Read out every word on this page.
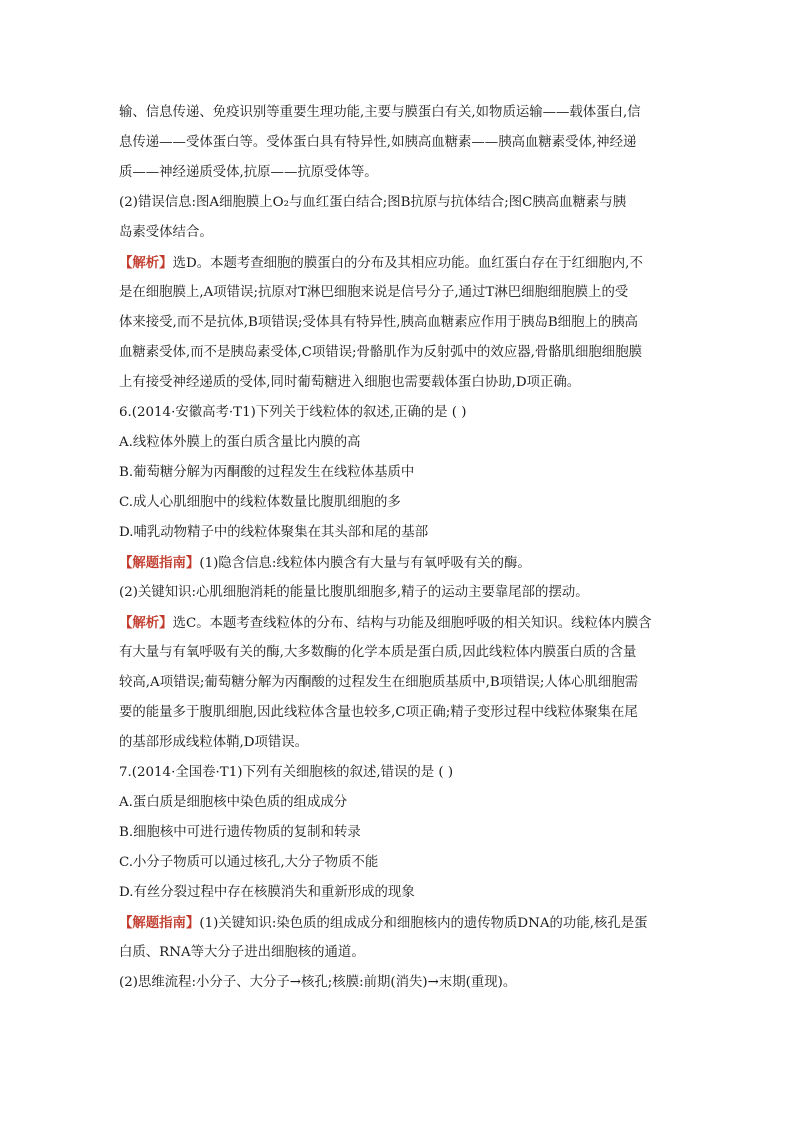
输、信息传递、免疫识别等重要生理功能,主要与膜蛋白有关,如物质运输——载体蛋白,信
息传递——受体蛋白等。受体蛋白具有特异性,如胰高血糖素——胰高血糖素受体,神经递
质——神经递质受体,抗原——抗原受体等。
(2)错误信息:图A细胞膜上O₂与血红蛋白结合;图B抗原与抗体结合;图C胰高血糖素与胰
岛素受体结合。
【解析】选D。本题考查细胞的膜蛋白的分布及其相应功能。血红蛋白存在于红细胞内,不
是在细胞膜上,A项错误;抗原对T淋巴细胞来说是信号分子,通过T淋巴细胞细胞膜上的受
体来接受,而不是抗体,B项错误;受体具有特异性,胰高血糖素应作用于胰岛B细胞上的胰高
血糖素受体,而不是胰岛素受体,C项错误;骨骼肌作为反射弧中的效应器,骨骼肌细胞细胞膜
上有接受神经递质的受体,同时葡萄糖进入细胞也需要载体蛋白协助,D项正确。
6.(2014·安徽高考·T1)下列关于线粒体的叙述,正确的是 ( )
A.线粒体外膜上的蛋白质含量比内膜的高
B.葡萄糖分解为丙酮酸的过程发生在线粒体基质中
C.成人心肌细胞中的线粒体数量比腹肌细胞的多
D.哺乳动物精子中的线粒体聚集在其头部和尾的基部
【解题指南】(1)隐含信息:线粒体内膜含有大量与有氧呼吸有关的酶。
(2)关键知识:心肌细胞消耗的能量比腹肌细胞多,精子的运动主要靠尾部的摆动。
【解析】选C。本题考查线粒体的分布、结构与功能及细胞呼吸的相关知识。线粒体内膜含
有大量与有氧呼吸有关的酶,大多数酶的化学本质是蛋白质,因此线粒体内膜蛋白质的含量
较高,A项错误;葡萄糖分解为丙酮酸的过程发生在细胞质基质中,B项错误;人体心肌细胞需
要的能量多于腹肌细胞,因此线粒体含量也较多,C项正确;精子变形过程中线粒体聚集在尾
的基部形成线粒体鞘,D项错误。
7.(2014·全国卷·T1)下列有关细胞核的叙述,错误的是 ( )
A.蛋白质是细胞核中染色质的组成成分
B.细胞核中可进行遗传物质的复制和转录
C.小分子物质可以通过核孔,大分子物质不能
D.有丝分裂过程中存在核膜消失和重新形成的现象
【解题指南】(1)关键知识:染色质的组成成分和细胞核内的遗传物质DNA的功能,核孔是蛋
白质、RNA等大分子进出细胞核的通道。
(2)思维流程:小分子、大分子→核孔;核膜:前期(消失)→末期(重现)。
